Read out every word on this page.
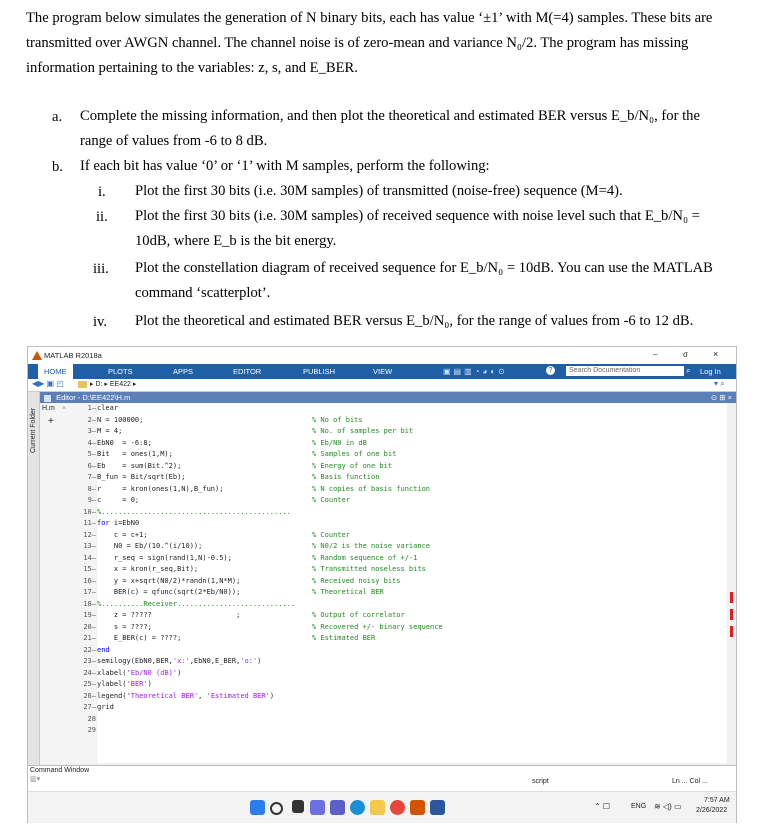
The program below simulates the generation of N binary bits, each has value ‘±1’ with M(=4) samples. These bits are

transmitted over AWGN channel. The channel noise is of zero-mean and variance N₀/2. The program has missing

information pertaining to the variables: z, s, and E_BER.

a. Complete the missing information, and then plot the theoretical and estimated BER versus E_b/N₀, for the
range of values from -6 to 8 dB.
b. If each bit has value ‘0’ or ‘1’ with M samples, perform the following:
i. Plot the first 30 bits (i.e. 30M samples) of transmitted (noise-free) sequence (M=4).
ii. Plot the first 30 bits (i.e. 30M samples) of received sequence with noise level such that E_b/N₀ =
10dB, where E_b is the bit energy.
iii. Plot the constellation diagram of received sequence for E_b/N₀ = 10dB. You can use the MATLAB
command ‘scatterplot’.
iv. Plot the theoretical and estimated BER versus E_b/N₀, for the range of values from -6 to 12 dB.
MATLAB R2018a	–	σ	×
HOME	PLOTS	APPS	EDITOR	PUBLISH	VIEW	▣▤▥◔◕◐⊙	?	Search Documentation	⌕ Log In
◀▶ ▣ ◰	▸ D: ▸ EE422 ▸	▾ ⌕
Current Folder
Editor - D:\EE422\H.m	⊙ ⊞ ×
H.m ×
+
1–
2–
3–
4–
5–
6–
7–
8–
9–
10–
11–
12–
13–
14–
15–
16–
17–
18–
19–
20–
21–
22–
23–
24–
25–
26–
27–
28
29
clear
N = 100000;	% No of bits
M = 4;	% No. of samples per bit
EbN0  = -6:8;	% Eb/N0 in dB
Bit   = ones(1,M);	% Samples of one bit
Eb    = sum(Bit.^2);	% Energy of one bit
B_fun = Bit/sqrt(Eb);	% Basis function
r     = kron(ones(1,N),B_fun);	% N copies of basis function
c     = 0;	% Counter
%.............................................
for i=EbN0
c = c+1;	% Counter
N0 = Eb/(10.^(i/10));	% N0/2 is the noise variance
r_seq = sign(rand(1,N)-0.5);	% Random sequence of +/-1
x = kron(r_seq,Bit);	% Transmitted noseless bits
y = x+sqrt(N0/2)*randn(1,N*M);	% Received noisy bits
BER(c) = qfunc(sqrt(2*Eb/N0));	% Theoretical BER
%..........Receiver............................
z = ?????                    ;	% Output of correlator
s = ????;	% Recovered +/- binary sequence
E_BER(c) = ????;	% Estimated BER
end
semilogy(EbN0,BER,'x:',EbN0,E_BER,'o:')
xlabel('Eb/N0 (dB)')
ylabel('BER')
legend('Theoretical BER', 'Estimated BER')
grid
Command Window
▥▾	script	Ln ... Col ...
⌃ ☐	ENG ≋ ◁) ▭
7:57 AM
2/26/2022
